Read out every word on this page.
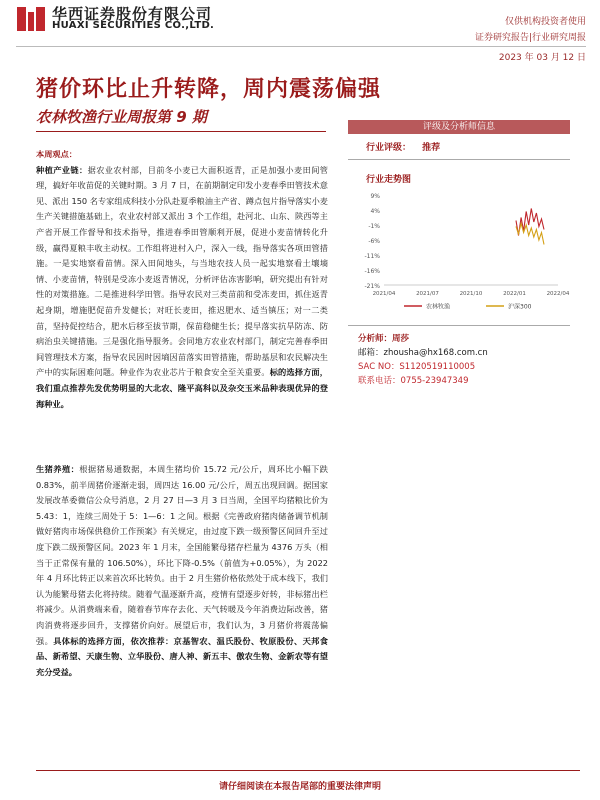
华西证券股份有限公司
HUAXI SECURITIES CO.,LTD.	仅供机构投资者使用
证券研究报告|行业研究周报
2023 年 03 月 12 日
猪价环比止升转降，周内震荡偏强
农林牧渔行业周报第 9 期
本周观点：
种植产业链：据农业农村部，目前冬小麦已大面积返青，正是加强小麦田间管理，搞好年收苗促的关键时期。3 月 7 日，在前期制定印发小麦春季田管技术意见、派出 150 名专家组成科技小分队赴夏季粮油主产省、蹲点包片指导落实小麦生产关键措施基础上，农业农村部又派出 3 个工作组，赴河北、山东、陕西等主产省开展工作督导和技术指导，推进春季田管顺利开展，促进小麦苗情转化升级，赢得夏粮丰收主动权。工作组将进村入户，深入一线，指导落实各项田管措施。一是实地察看苗情。深入田间地头，与当地农技人员一起实地察看土壤墒情、小麦苗情，特别是受冻小麦返青情况，分析评估冻害影响，研究提出有针对性的对策措施。二是推进科学田管。指导农民对三类苗前和受冻麦田，抓住返青起身期，增施肥促苗升发健长；对旺长麦田，推迟肥水、适当镇压；对一二类苗，坚持促控结合，肥水后移至拔节期，保苗稳健生长；提早落实抗旱防冻、防病治虫关键措施。三是强化指导服务。会同地方农业农村部门，制定完善春季田间管理技术方案，指导农民因时因墒因苗落实田管措施，帮助基层和农民解决生产中的实际困难问题。种业作为农业芯片于粮食安全至关重要。标的选择方面，我们重点推荐先发优势明显的大北农、隆平高科以及杂交玉米品种表现优异的登海种业。
生猪养殖：根据猪易通数据，本周生猪均价 15.72 元/公斤，周环比小幅下跌 0.83%，前半周猪价逐渐走弱，周四达 16.00 元/公斤，周五出现回调。据国家发展改革委微信公众号消息，2 月 27 日—3 月 3 日当周，全国平均猪粮比价为 5.43：1，连续三周处于 5：1—6：1 之间。根据《完善政府猪肉储备调节机制 做好猪肉市场保供稳价工作预案》有关规定，由过度下跌一级预警区间回升至过度下跌二级预警区间。2023 年 1 月末，全国能繁母猪存栏量为 4376 万头（相当于正常保有量的 106.50%），环比下降-0.5%（前值为+0.05%），为 2022 年 4 月环比转正以来首次环比转负。由于 2 月生猪价格依然处于成本线下，我们认为能繁母猪去化将持续。随着气温逐渐升高，疫情有望逐步好转，非标猪出栏将减少。从消费端来看，随着春节库存去化、天气转暖及今年消费边际改善，猪肉消费将逐步回升，支撑猪价向好。展望后市，我们认为，3 月猪价将震荡偏强。具体标的选择方面，依次推荐：京基智农、温氏股份、牧原股份、天邦食品、新希望、天康生物、立华股份、唐人神、新五丰、傲农生物、金新农等有望充分受益。
评级及分析师信息
行业评级： 推荐
行业走势图
9%
4%
-1%
-6%
-11%
-16%
-21%
2021/04	2021/07	2021/10	2022/01	2022/04
农林牧渔	沪深300
分析师：周莎
邮箱：zhousha@hx168.com.cn
SAC NO：S1120519110005
联系电话：0755-23947349
请仔细阅读在本报告尾部的重要法律声明
